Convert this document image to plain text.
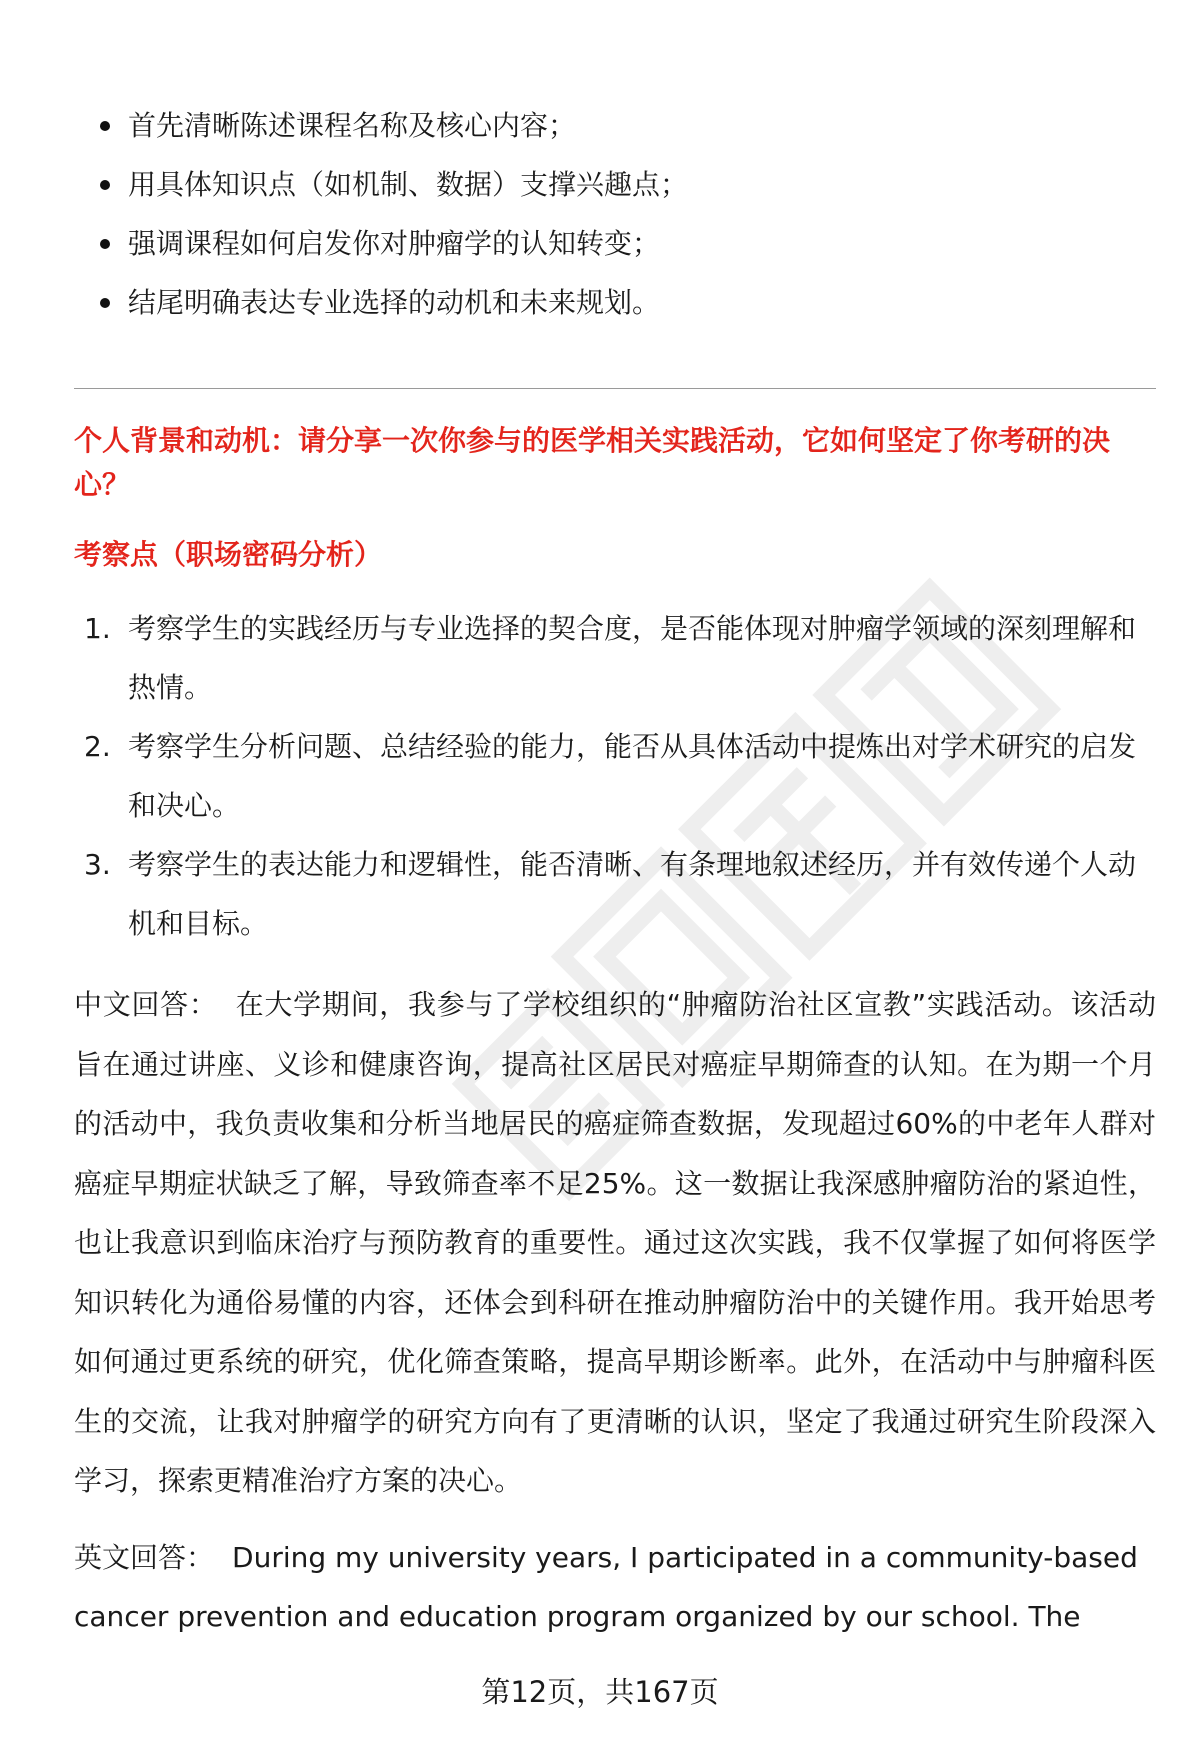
首先清晰陈述课程名称及核心内容；
用具体知识点（如机制、数据）支撑兴趣点；
强调课程如何启发你对肿瘤学的认知转变；
结尾明确表达专业选择的动机和未来规划。
个人背景和动机：请分享一次你参与的医学相关实践活动，它如何坚定了你考研的决心？
考察点（职场密码分析）
1. 考察学生的实践经历与专业选择的契合度，是否能体现对肿瘤学领域的深刻理解和热情。
2. 考察学生分析问题、总结经验的能力，能否从具体活动中提炼出对学术研究的启发和决心。
3. 考察学生的表达能力和逻辑性，能否清晰、有条理地叙述经历，并有效传递个人动机和目标。
中文回答： 在大学期间，我参与了学校组织的“肿瘤防治社区宣教”实践活动。该活动旨在通过讲座、义诊和健康咨询，提高社区居民对癌症早期筛查的认知。在为期一个月的活动中，我负责收集和分析当地居民的癌症筛查数据，发现超过60%的中老年人群对癌症早期症状缺乏了解，导致筛查率不足25%。这一数据让我深感肿瘤防治的紧迫性，也让我意识到临床治疗与预防教育的重要性。通过这次实践，我不仅掌握了如何将医学知识转化为通俗易懂的内容，还体会到科研在推动肿瘤防治中的关键作用。我开始思考如何通过更系统的研究，优化筛查策略，提高早期诊断率。此外，在活动中与肿瘤科医生的交流，让我对肿瘤学的研究方向有了更清晰的认识，坚定了我通过研究生阶段深入学习，探索更精准治疗方案的决心。
英文回答： During my university years, I participated in a community-based cancer prevention and education program organized by our school. The
第12页，共167页
